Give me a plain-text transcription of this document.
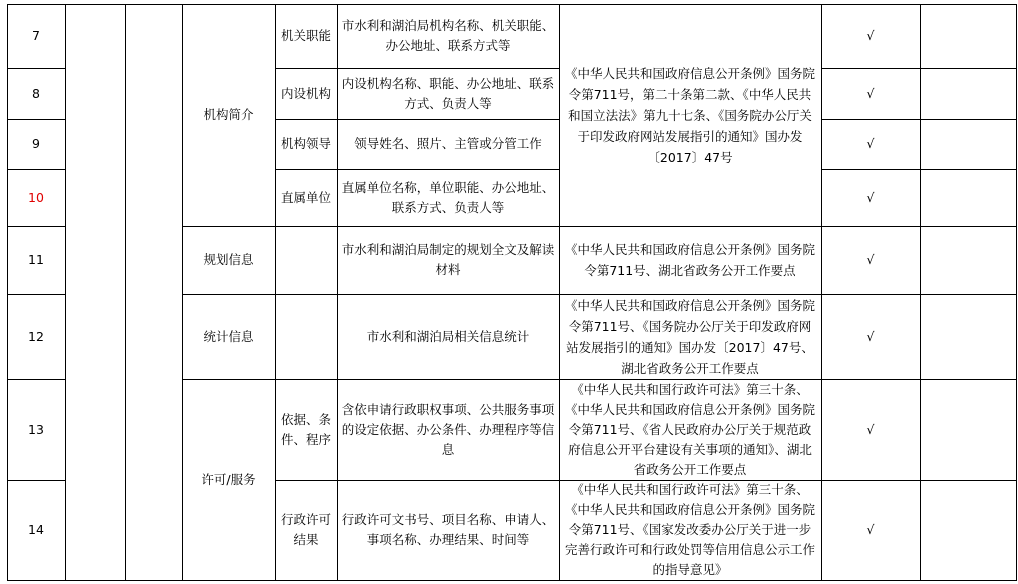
7
8
9
10
11
12
13
14
机构简介
规划信息
统计信息
许可/服务
机关职能
内设机构
机构领导
直属单位
依据、条件、程序
行政许可结果
市水利和湖泊局机构名称、机关职能、办公地址、联系方式等
内设机构名称、职能、办公地址、联系方式、负责人等
领导姓名、照片、主管或分管工作
直属单位名称，单位职能、办公地址、联系方式、负责人等
市水利和湖泊局制定的规划全文及解读材料
市水利和湖泊局相关信息统计
含依申请行政职权事项、公共服务事项的设定依据、办公条件、办理程序等信息
行政许可文书号、项目名称、申请人、事项名称、办理结果、时间等
《中华人民共和国政府信息公开条例》国务院令第711号，第二十条第二款、《中华人民共和国立法法》第九十七条、《国务院办公厅关于印发政府网站发展指引的通知》国办发〔2017〕47号
《中华人民共和国政府信息公开条例》国务院令第711号、湖北省政务公开工作要点
《中华人民共和国政府信息公开条例》国务院令第711号、《国务院办公厅关于印发政府网站发展指引的通知》国办发〔2017〕47号、湖北省政务公开工作要点
《中华人民共和国行政许可法》第三十条、《中华人民共和国政府信息公开条例》国务院令第711号、《省人民政府办公厅关于规范政府信息公开平台建设有关事项的通知》、湖北省政务公开工作要点
《中华人民共和国行政许可法》第三十条、《中华人民共和国政府信息公开条例》国务院令第711号、《国家发改委办公厅关于进一步完善行政许可和行政处罚等信用信息公示工作的指导意见》
√
√
√
√
√
√
√
√
